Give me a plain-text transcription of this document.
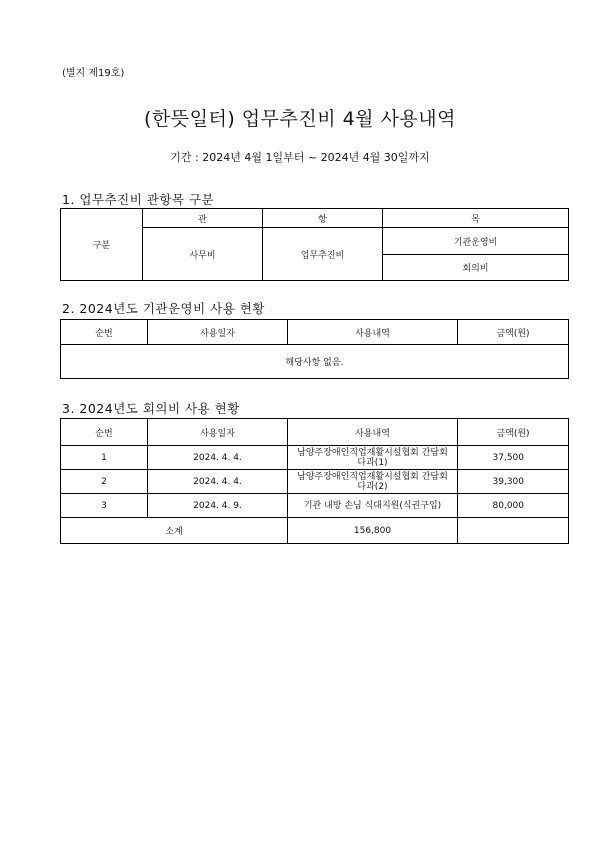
(별지 제19호)
(한뜻일터) 업무추진비 4월 사용내역
기간 : 2024년 4월 1일부터 ~ 2024년 4월 30일까지
1. 업무추진비 관항목 구분
구분	관	항	목
	사무비	업무추진비	기관운영비
			회의비
2. 2024년도 기관운영비 사용 현황
순번	사용일자	사용내역	금액(원)
해당사항 없음.
3. 2024년도 회의비 사용 현황
순번	사용일자	사용내역	금액(원)
1	2024. 4. 4.	남양주장애인직업재활시설협회 간담회 다과(1)	37,500
2	2024. 4. 4.	남양주장애인직업재활시설협회 간담회 다과(2)	39,300
3	2024. 4. 9.	기관 내방 손님 식대지원(식권구입)	80,000
소계		156,800	
